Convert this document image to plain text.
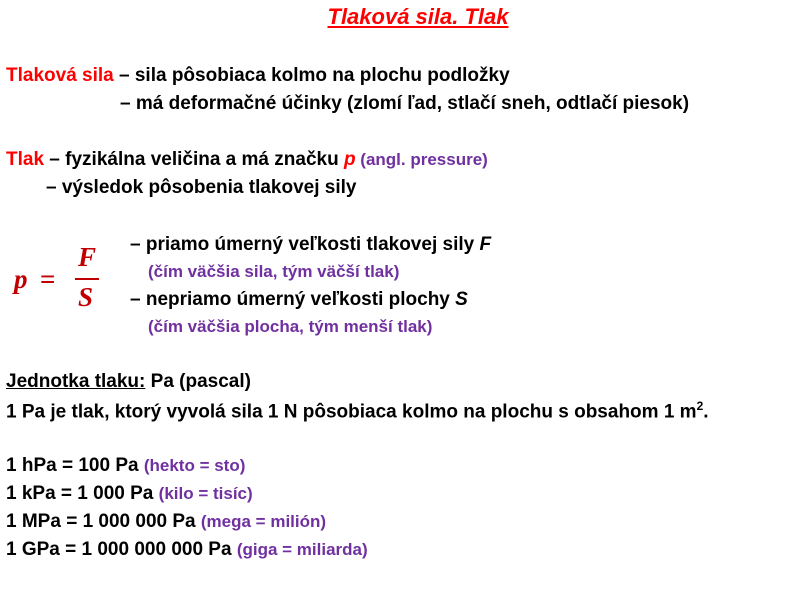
Tlaková sila. Tlak
Tlaková sila – sila pôsobiaca kolmo na plochu podložky
– má deformačné účinky (zlomí ľad, stlačí sneh, odtlačí piesok)
Tlak – fyzikálna veličina a má značku p (angl. pressure)
– výsledok pôsobenia tlakovej sily
p =
F
S
– priamo úmerný veľkosti tlakovej sily F
(čím väčšia sila, tým väčší tlak)
– nepriamo úmerný veľkosti plochy S
(čím väčšia plocha, tým menší tlak)
Jednotka tlaku: Pa (pascal)
1 Pa je tlak, ktorý vyvolá sila 1 N pôsobiaca kolmo na plochu s obsahom 1 $m^2$.
1 hPa = 100 Pa (hekto = sto)
1 kPa = 1 000 Pa (kilo = tisíc)
1 MPa = 1 000 000 Pa (mega = milión)
1 GPa = 1 000 000 000 Pa (giga = miliarda)
